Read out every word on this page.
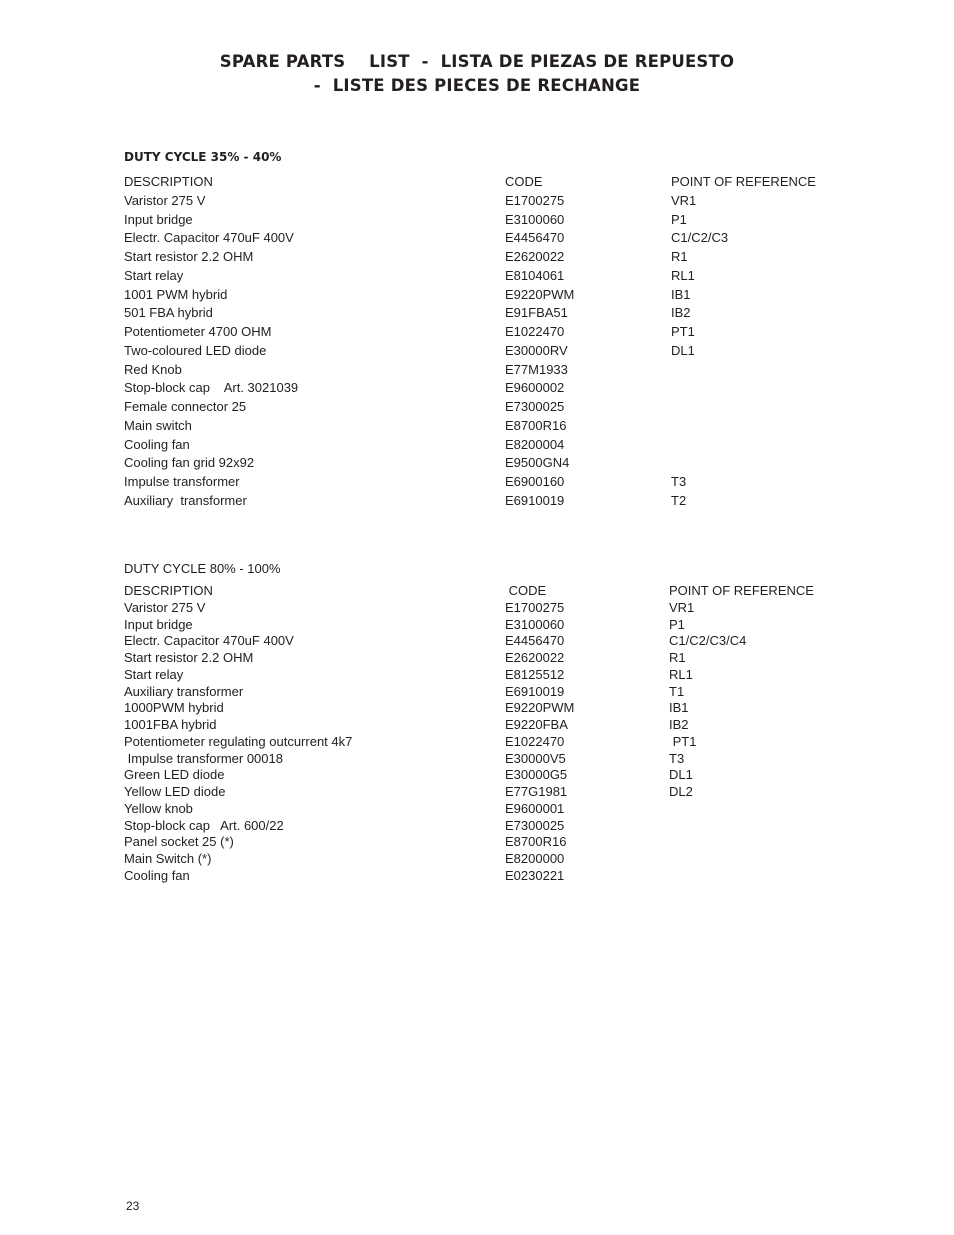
SPARE PARTS    LIST  -  LISTA DE PIEZAS DE REPUESTO
-  LISTE DES PIECES DE RECHANGE
DUTY CYCLE 35% - 40%
DESCRIPTION	CODE	POINT OF REFERENCE
Varistor 275 V	E1700275	VR1
Input bridge	E3100060	P1
Electr. Capacitor 470uF 400V	E4456470	C1/C2/C3
Start resistor 2.2 OHM	E2620022	R1
Start relay	E8104061	RL1
1001 PWM hybrid	E9220PWM	IB1
501 FBA hybrid	E91FBA51	IB2
Potentiometer 4700 OHM	E1022470	PT1
Two-coloured LED diode	E30000RV	DL1
Red Knob	E77M1933
Stop-block cap    Art. 3021039	E9600002
Female connector 25	E7300025
Main switch	E8700R16
Cooling fan	E8200004
Cooling fan grid 92x92	E9500GN4
Impulse transformer	E6900160	T3
Auxiliary  transformer	E6910019	T2
DUTY CYCLE 80% - 100%
DESCRIPTION	CODE	POINT OF REFERENCE
Varistor 275 V	E1700275	VR1
Input bridge	E3100060	P1
Electr. Capacitor 470uF 400V	E4456470	C1/C2/C3/C4
Start resistor 2.2 OHM	E2620022	R1
Start relay	E8125512	RL1
Auxiliary transformer	E6910019	T1
1000PWM hybrid	E9220PWM	IB1
1001FBA hybrid	E9220FBA	IB2
Potentiometer regulating outcurrent 4k7	E1022470	PT1
Impulse transformer 00018	E30000V5	T3
Green LED diode	E30000G5	DL1
Yellow LED diode	E77G1981	DL2
Yellow knob	E9600001
Stop-block cap   Art. 600/22	E7300025
Panel socket 25 (*)	E8700R16
Main Switch (*)	E8200000
Cooling fan	E0230221
23
